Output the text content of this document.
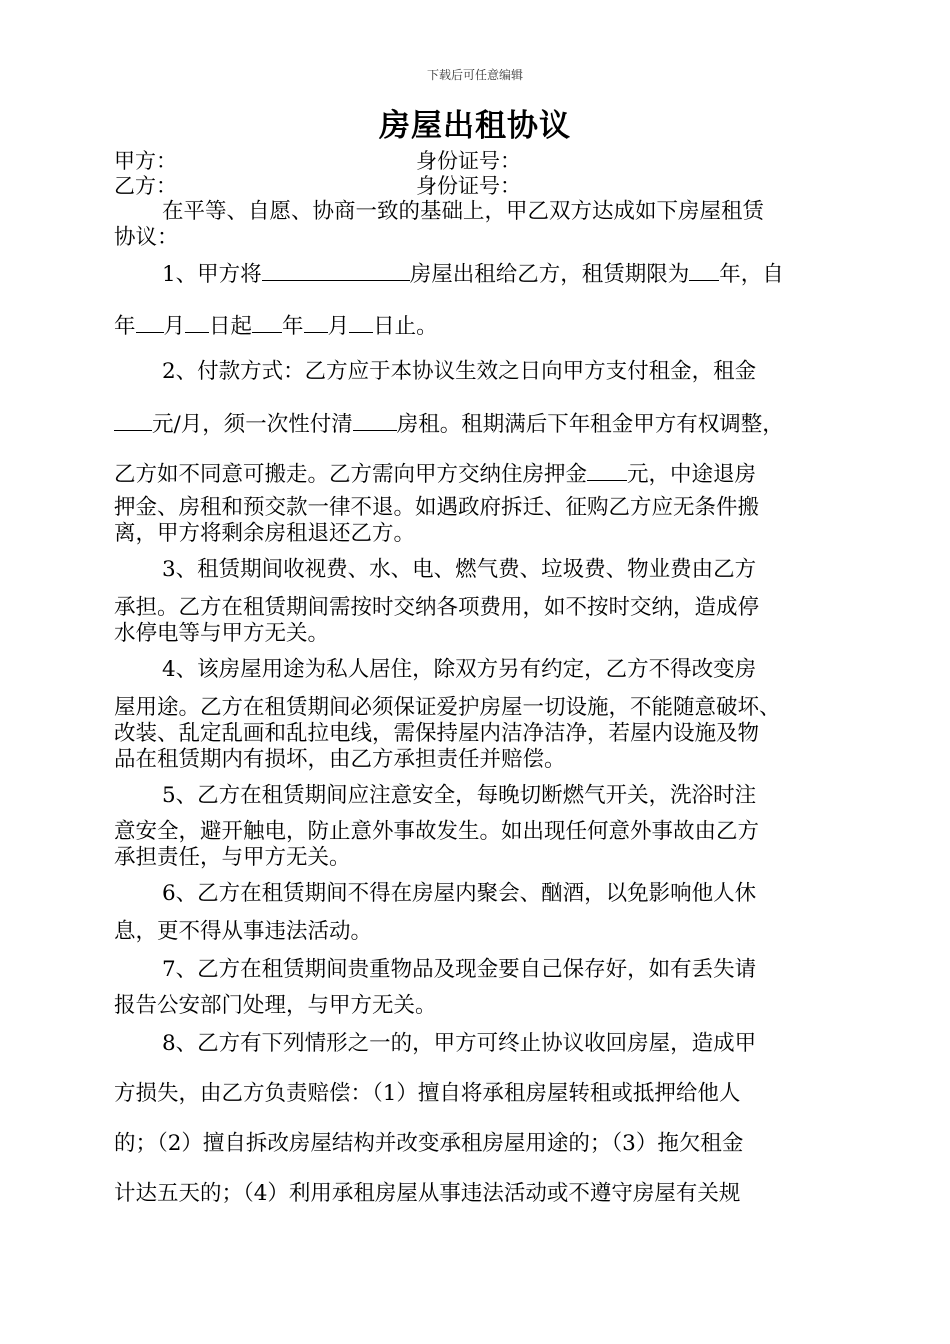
下载后可任意编辑
房屋出租协议
甲方：	身份证号：
乙方：	身份证号：
在平等、自愿、协商一致的基础上，甲乙双方达成如下房屋租赁
协议：
1、甲方将	房屋出租给乙方，租赁期限为 年，自
年 月 日起 年 月 日止。
2、付款方式：乙方应于本协议生效之日向甲方支付租金，租金
元/月，须一次性付清 房租。租期满后下年租金甲方有权调整，
乙方如不同意可搬走。乙方需向甲方交纳住房押金 元，中途退房
押金、房租和预交款一律不退。如遇政府拆迁、征购乙方应无条件搬
离，甲方将剩余房租退还乙方。
3、租赁期间收视费、水、电、燃气费、垃圾费、物业费由乙方
承担。乙方在租赁期间需按时交纳各项费用，如不按时交纳，造成停
水停电等与甲方无关。
4、该房屋用途为私人居住，除双方另有约定，乙方不得改变房
屋用途。乙方在租赁期间必须保证爱护房屋一切设施，不能随意破坏、
改装、乱定乱画和乱拉电线，需保持屋内洁净洁净，若屋内设施及物
品在租赁期内有损坏，由乙方承担责任并赔偿。
5、乙方在租赁期间应注意安全，每晚切断燃气开关，洗浴时注
意安全，避开触电，防止意外事故发生。如出现任何意外事故由乙方
承担责任，与甲方无关。
6、乙方在租赁期间不得在房屋内聚会、酗酒，以免影响他人休
息，更不得从事违法活动。
7、乙方在租赁期间贵重物品及现金要自己保存好，如有丢失请
报告公安部门处理，与甲方无关。
8、乙方有下列情形之一的，甲方可终止协议收回房屋，造成甲
方损失，由乙方负责赔偿：（1）擅自将承租房屋转租或抵押给他人
的；（2）擅自拆改房屋结构并改变承租房屋用途的；（3）拖欠租金
计达五天的；（4）利用承租房屋从事违法活动或不遵守房屋有关规
